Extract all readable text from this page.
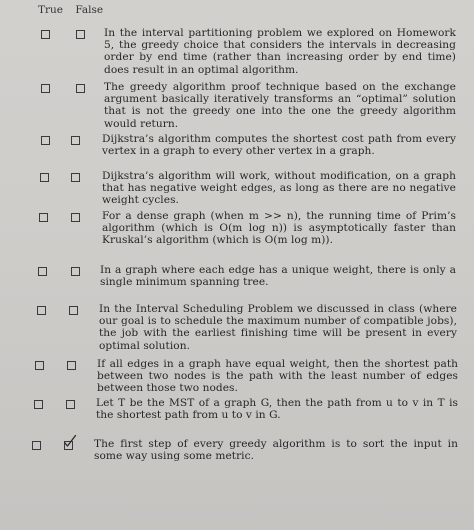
True False
In the interval partitioning problem we explored on Homework 5, the greedy choice that considers the intervals in decreasing order by end time (rather than increasing order by end time) does result in an optimal algorithm.
The greedy algorithm proof technique based on the exchange argument basically iteratively transforms an “optimal” solution that is not the greedy one into the one the greedy algorithm would return.
Dijkstra’s algorithm computes the shortest cost path from every vertex in a graph to every other vertex in a graph.
Dijkstra’s algorithm will work, without modification, on a graph that has negative weight edges, as long as there are no negative weight cycles.
For a dense graph (when m >> n), the running time of Prim’s algorithm (which is O(m log n)) is asymptotically faster than Kruskal’s algorithm (which is O(m log m)).
In a graph where each edge has a unique weight, there is only a single minimum spanning tree.
In the Interval Scheduling Problem we discussed in class (where our goal is to schedule the maximum number of compatible jobs), the job with the earliest finishing time will be present in every optimal solution.
If all edges in a graph have equal weight, then the shortest path between two nodes is the path with the least number of edges between those two nodes.
Let T be the MST of a graph G, then the path from u to v in T is the shortest path from u to v in G.
The first step of every greedy algorithm is to sort the input in some way using some metric.
